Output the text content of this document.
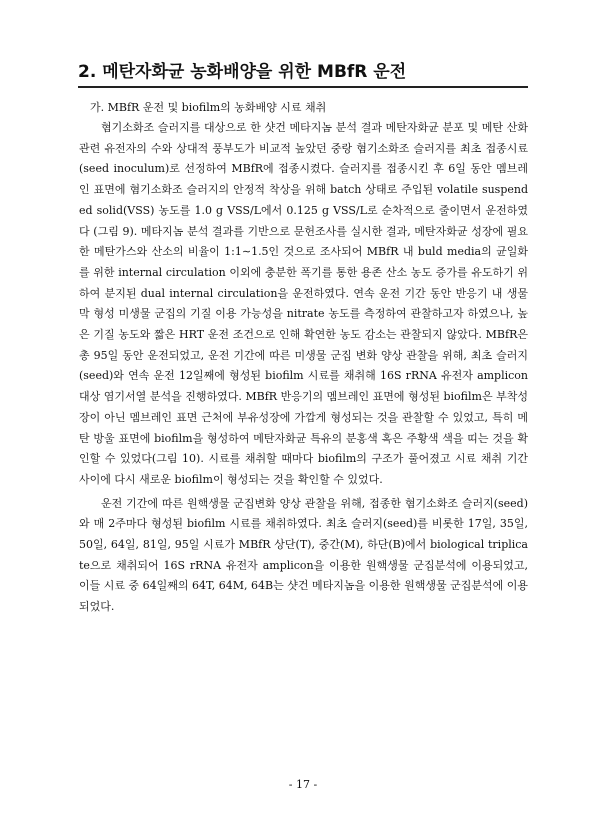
2. 메탄자화균 농화배양을 위한 MBfR 운전

가. MBfR 운전 및 biofilm의 농화배양 시료 채취

혐기소화조 슬러지를 대상으로 한 샷건 메타지놈 분석 결과 메탄자화균 분포 및 메탄 산화 관련 유전자의 수와 상대적 풍부도가 비교적 높았던 중랑 혐기소화조 슬러지를 최초 접종시료(seed inoculum)로 선정하여 MBfR에 접종시켰다. 슬러지를 접종시킨 후 6일 동안 멤브레인 표면에 혐기소화조 슬러지의 안정적 착상을 위해 batch 상태로 주입된 volatile suspended solid(VSS) 농도를 1.0 g VSS/L에서 0.125 g VSS/L로 순차적으로 줄이면서 운전하였다 (그림 9). 메타지놈 분석 결과를 기반으로 문헌조사를 실시한 결과, 메탄자화균 성장에 필요한 메탄가스와 산소의 비율이 1:1∼1.5인 것으로 조사되어 MBfR 내 buld media의 균일화를 위한 internal circulation 이외에 충분한 폭기를 통한 용존 산소 농도 증가를 유도하기 위하여 분지된 dual internal circulation을 운전하였다. 연속 운전 기간 동안 반응기 내 생물막 형성 미생물 군집의 기질 이용 가능성을 nitrate 농도를 측정하여 관찰하고자 하였으나, 높은 기질 농도와 짧은 HRT 운전 조건으로 인해 확연한 농도 감소는 관찰되지 않았다. MBfR은 총 95일 동안 운전되었고, 운전 기간에 따른 미생물 군집 변화 양상 관찰을 위해, 최초 슬러지(seed)와 연속 운전 12일째에 형성된 biofilm 시료를 채취해 16S rRNA 유전자 amplicon 대상 염기서열 분석을 진행하였다. MBfR 반응기의 멤브레인 표면에 형성된 biofilm은 부착성장이 아닌 멤브레인 표면 근처에 부유성장에 가깝게 형성되는 것을 관찰할 수 있었고, 특히 메탄 방울 표면에 biofilm을 형성하여 메탄자화균 특유의 분홍색 혹은 주황색 색을 띠는 것을 확인할 수 있었다(그림 10). 시료를 채취할 때마다 biofilm의 구조가 풀어졌고 시료 채취 기간 사이에 다시 새로운 biofilm이 형성되는 것을 확인할 수 있었다.

운전 기간에 따른 원핵생물 군집변화 양상 관찰을 위해, 접종한 혐기소화조 슬러지(seed)와 매 2주마다 형성된 biofilm 시료를 채취하였다. 최초 슬러지(seed)를 비롯한 17일, 35일, 50일, 64일, 81일, 95일 시료가 MBfR 상단(T), 중간(M), 하단(B)에서 biological triplicate으로 채취되어 16S rRNA 유전자 amplicon을 이용한 원핵생물 군집분석에 이용되었고, 이들 시료 중 64일째의 64T, 64M, 64B는 샷건 메타지놈을 이용한 원핵생물 군집분석에 이용되었다.

- 17 -
